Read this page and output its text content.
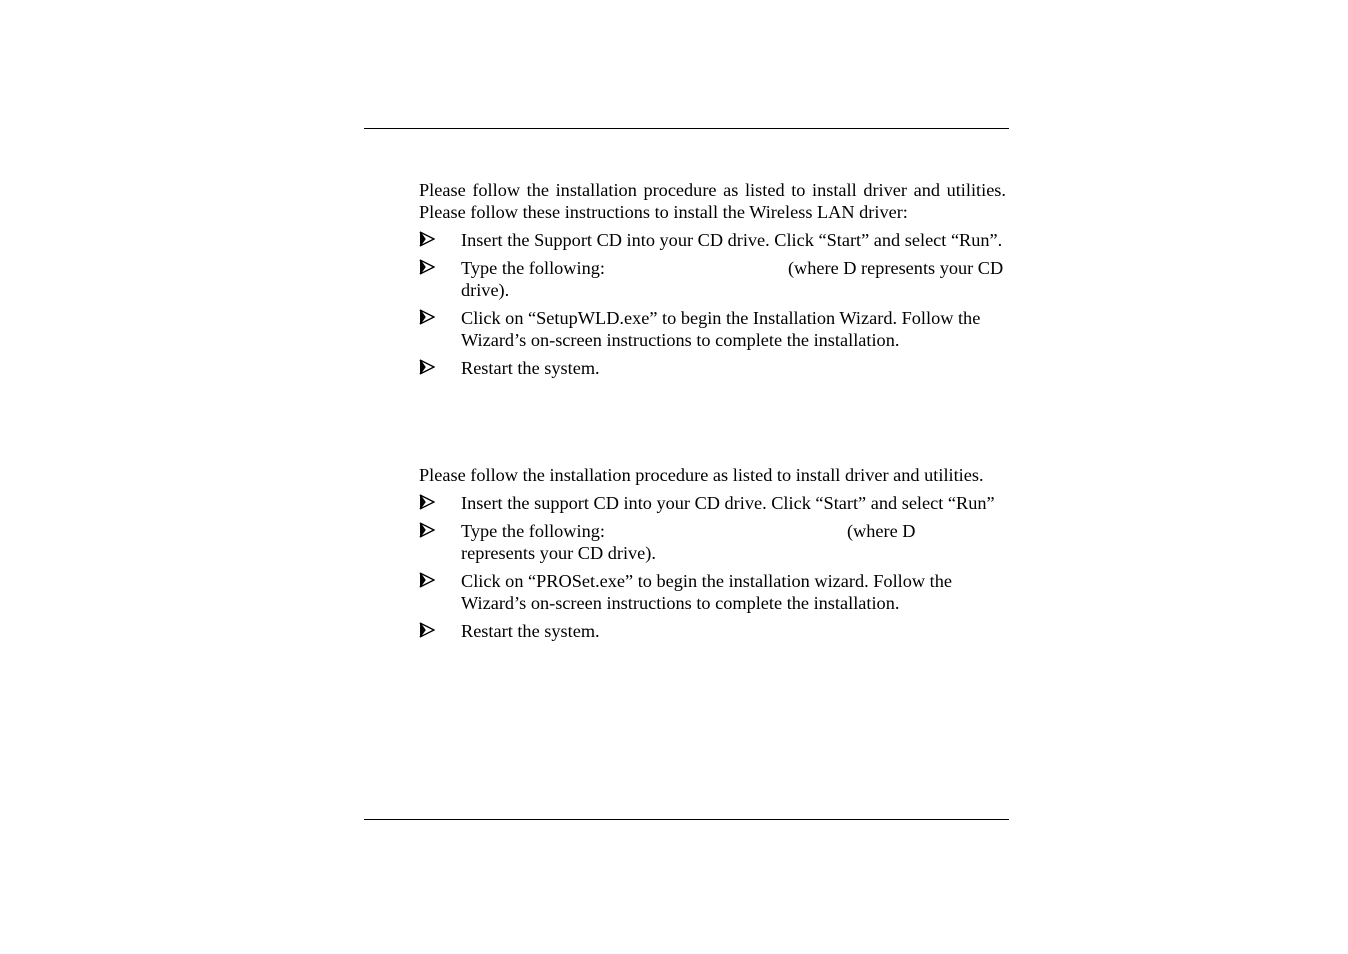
Please follow the installation procedure as listed to install driver and utilities. Please follow these instructions to install the Wireless LAN driver:

Insert the Support CD into your CD drive. Click “Start” and select “Run”.
Type the following:	(where D represents your CD drive).
Click on “SetupWLD.exe” to begin the Installation Wizard. Follow the Wizard’s on-screen instructions to complete the installation.
Restart the system.

Please follow the installation procedure as listed to install driver and utilities.

Insert the support CD into your CD drive. Click “Start” and select “Run”
Type the following:	(where D represents your CD drive).
Click on “PROSet.exe” to begin the installation wizard. Follow the Wizard’s on-screen instructions to complete the installation.
Restart the system.
